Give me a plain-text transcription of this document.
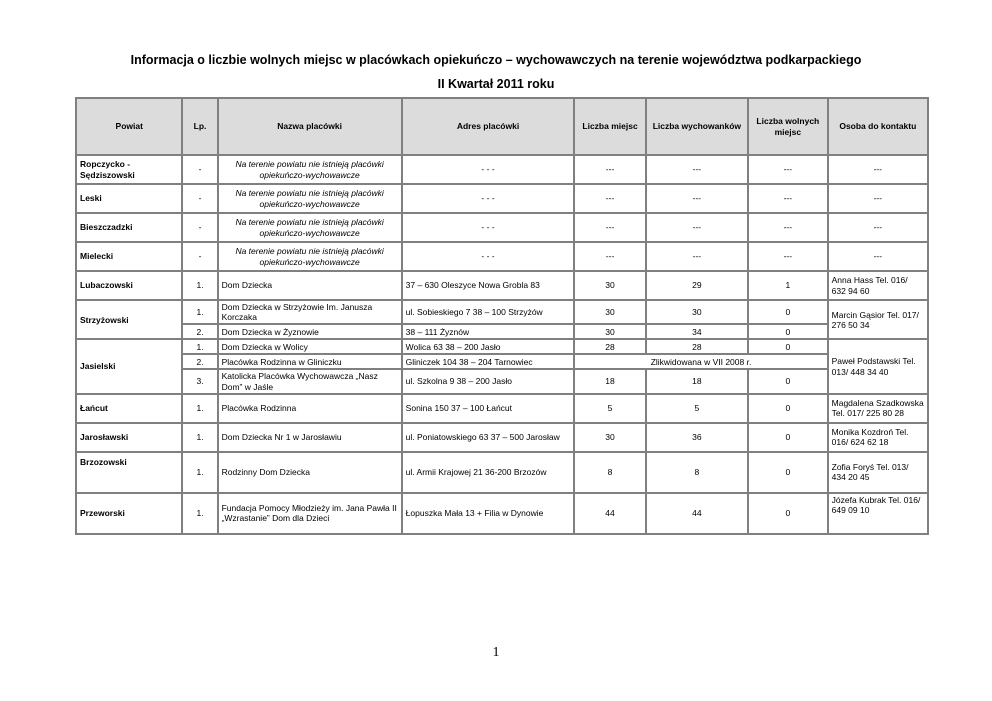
Informacja o liczbie wolnych miejsc w placówkach opiekuńczo – wychowawczych na terenie województwa podkarpackiego
II Kwartał 2011 roku
Powiat	Lp.	Nazwa placówki	Adres placówki	Liczba miejsc	Liczba wychowanków	Liczba wolnych miejsc	Osoba do kontaktu
Ropczycko - Sędziszowski	-	Na terenie powiatu nie istnieją placówki opiekuńczo-wychowawcze	- - -	---	---	---	---
Leski	-	Na terenie powiatu nie istnieją placówki opiekuńczo-wychowawcze	- - -	---	---	---	---
Bieszczadzki	-	Na terenie powiatu nie istnieją placówki opiekuńczo-wychowawcze	- - -	---	---	---	---
Mielecki	-	Na terenie powiatu nie istnieją placówki opiekuńczo-wychowawcze	- - -	---	---	---	---
Lubaczowski	1.	Dom Dziecka	37 – 630 Oleszyce Nowa Grobla 83	30	29	1	Anna Hass Tel. 016/ 632 94 60
Strzyżowski	1.	Dom Dziecka w Strzyżowie Im. Janusza Korczaka	ul. Sobieskiego 7 38 – 100 Strzyżów	30	30	0	Marcin Gąsior Tel. 017/ 276 50 34
	2.	Dom Dziecka w Żyznowie	38 – 111 Żyznów	30	34	0	
Jasielski	1.	Dom Dziecka w Wolicy	Wolica 63 38 – 200 Jasło	28	28	0	Paweł Podstawski Tel. 013/ 448 34 40
	2.	Placówka Rodzinna w Gliniczku	Gliniczek 104 38 – 204 Tarnowiec	Zlikwidowana w VII 2008 r.			
	3.	Katolicka Placówka Wychowawcza „Nasz Dom” w Jaśle	ul. Szkolna 9 38 – 200 Jasło	18	18	0	
Łańcut	1.	Placówka Rodzinna	Sonina 150 37 – 100 Łańcut	5	5	0	Magdalena Szadkowska Tel. 017/ 225 80 28
Jarosławski	1.	Dom Dziecka Nr 1 w Jarosławiu	ul. Poniatowskiego 63 37 – 500 Jarosław	30	36	0	Monika Kozdroń Tel. 016/ 624 62 18
Brzozowski	1.	Rodzinny Dom Dziecka	ul. Armii Krajowej 21 36-200 Brzozów	8	8	0	Zofia Foryś Tel. 013/ 434 20 45
Przeworski	1.	Fundacja Pomocy Młodzieży im. Jana Pawła II „Wzrastanie” Dom dla Dzieci	Łopuszka Mała 13 + Filia w Dynowie	44	44	0	Józefa Kubrak Tel. 016/ 649 09 10
1
